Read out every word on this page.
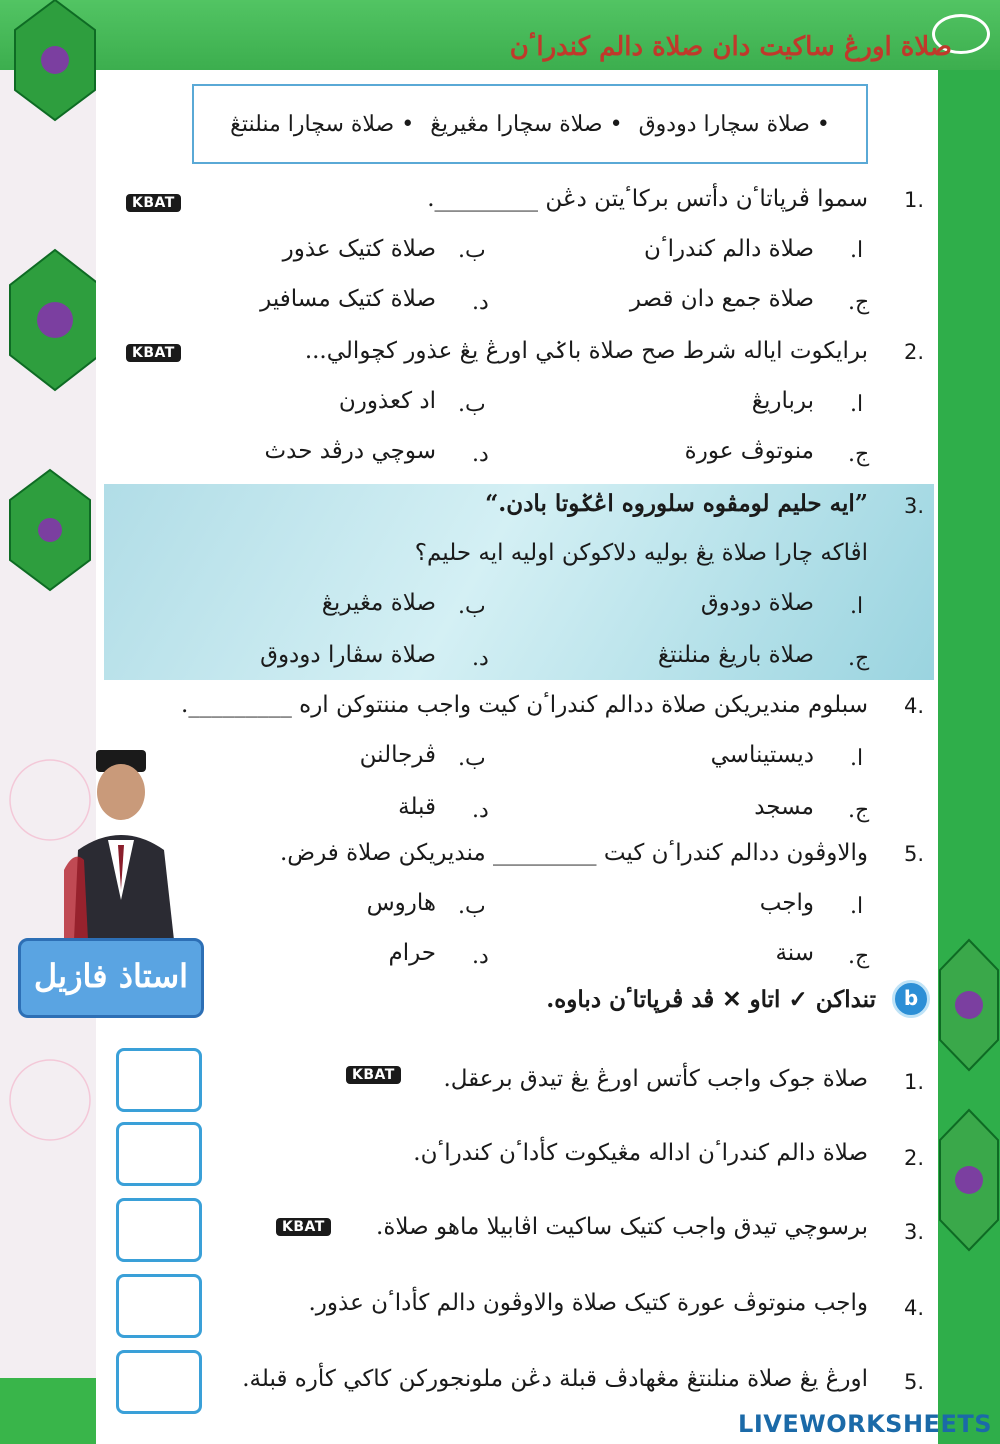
صلاة اورڠ ساكيت دان صلاة دالم كندراٴن
• صلاة سچارا دودوق
• صلاة سچارا مڠيريڠ
• صلاة سچارا منلنتڠ
1.
سموا ڤرڽاتاٴن دأتس بركاٴيتن دڠن _________.
KBAT
ا.
صلاة دالم كندراٴن
ب.
صلاة كتيک عذور
ج.
صلاة جمع دان قصر
د.
صلاة كتيک مسافير
2.
برايكوت اياله شرط صح صلاة باݢي اورڠ يڠ عذور كچوالي...
KBAT
ا.
برباريڠ
ب.
اد كعذورن
ج.
منوتوڤ عورة
د.
سوچي درڤد حدث
3.
”ايه حليم لومڤوه سلوروه اڠݢوتا بادن.“
اڤاكه چارا صلاة يڠ بوليه دلاكوكن اوليه ايه حليم؟
ا.
صلاة دودوق
ب.
صلاة مڠيريڠ
ج.
صلاة باريڠ منلنتڠ
د.
صلاة سڤارا دودوق
4.
سبلوم منديريكن صلاة ددالم كندراٴن كيت واجب مننتوكن اره _________.
ا.
ديستيناسي
ب.
ڤرجالنن
ج.
مسجد
د.
قبلة
5.
والاوڤون ددالم كندراٴن كيت _________ منديريكن صلاة فرض.
ا.
واجب
ب.
هاروس
ج.
سنة
د.
حرام
استاذ فازيل
b
تنداكن ✓ اتاو ✕ ڤد ڤرڽاتاٴن دباوه.
1.
صلاة جوک واجب کأتس اورڠ يڠ تيدق برعقل.
KBAT
2.
صلاة دالم كندراٴن اداله مڠيكوت كأداٴن كندراٴن.
3.
برسوچي تيدق واجب كتيک ساكيت اڤابيلا ماهو صلاة.
KBAT
4.
واجب منوتوڤ عورة كتيک صلاة والاوڤون دالم كأداٴن عذور.
5.
اورڠ يڠ صلاة منلنتڠ مڠهادڤ قبلة دڠن ملونجوركن كاكي كأره قبلة.
LIVEWORKSHEETS
